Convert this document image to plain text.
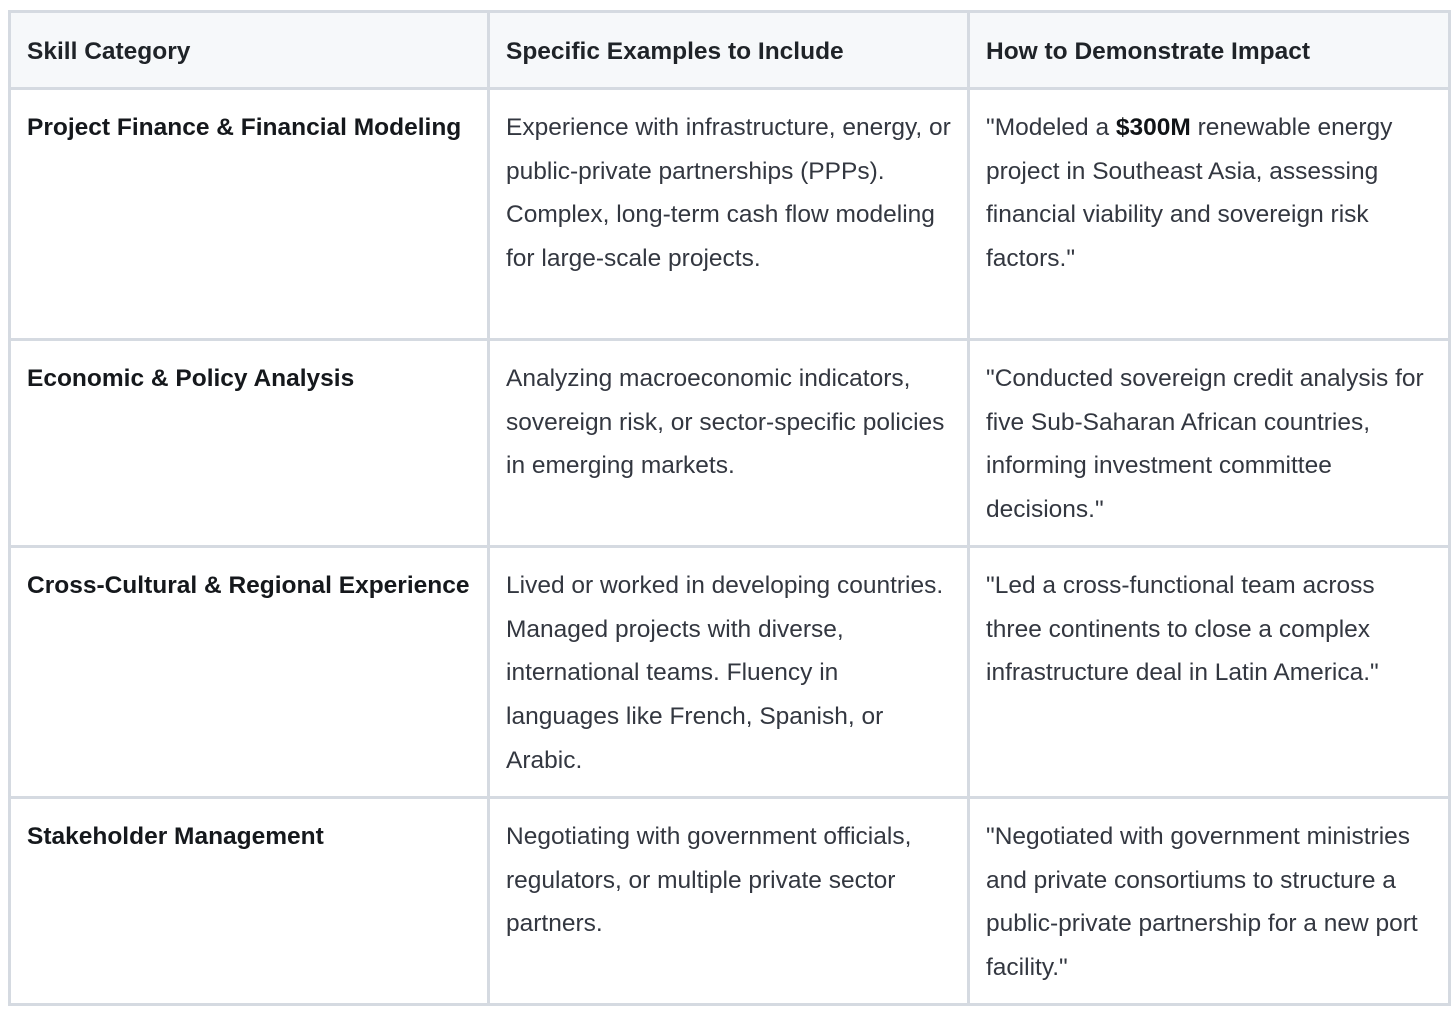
Skill Category	Specific Examples to Include	How to Demonstrate Impact
Project Finance & Financial Modeling	Experience with infrastructure, energy, or public-private partnerships (PPPs). Complex, long-term cash flow modeling for large-scale projects.	"Modeled a $300M renewable energy project in Southeast Asia, assessing financial viability and sovereign risk factors."
Economic & Policy Analysis	Analyzing macroeconomic indicators, sovereign risk, or sector-specific policies in emerging markets.	"Conducted sovereign credit analysis for five Sub-Saharan African countries, informing investment committee decisions."
Cross-Cultural & Regional Experience	Lived or worked in developing countries. Managed projects with diverse, international teams. Fluency in languages like French, Spanish, or Arabic.	"Led a cross-functional team across three continents to close a complex infrastructure deal in Latin America."
Stakeholder Management	Negotiating with government officials, regulators, or multiple private sector partners.	"Negotiated with government ministries and private consortiums to structure a public-private partnership for a new port facility."
